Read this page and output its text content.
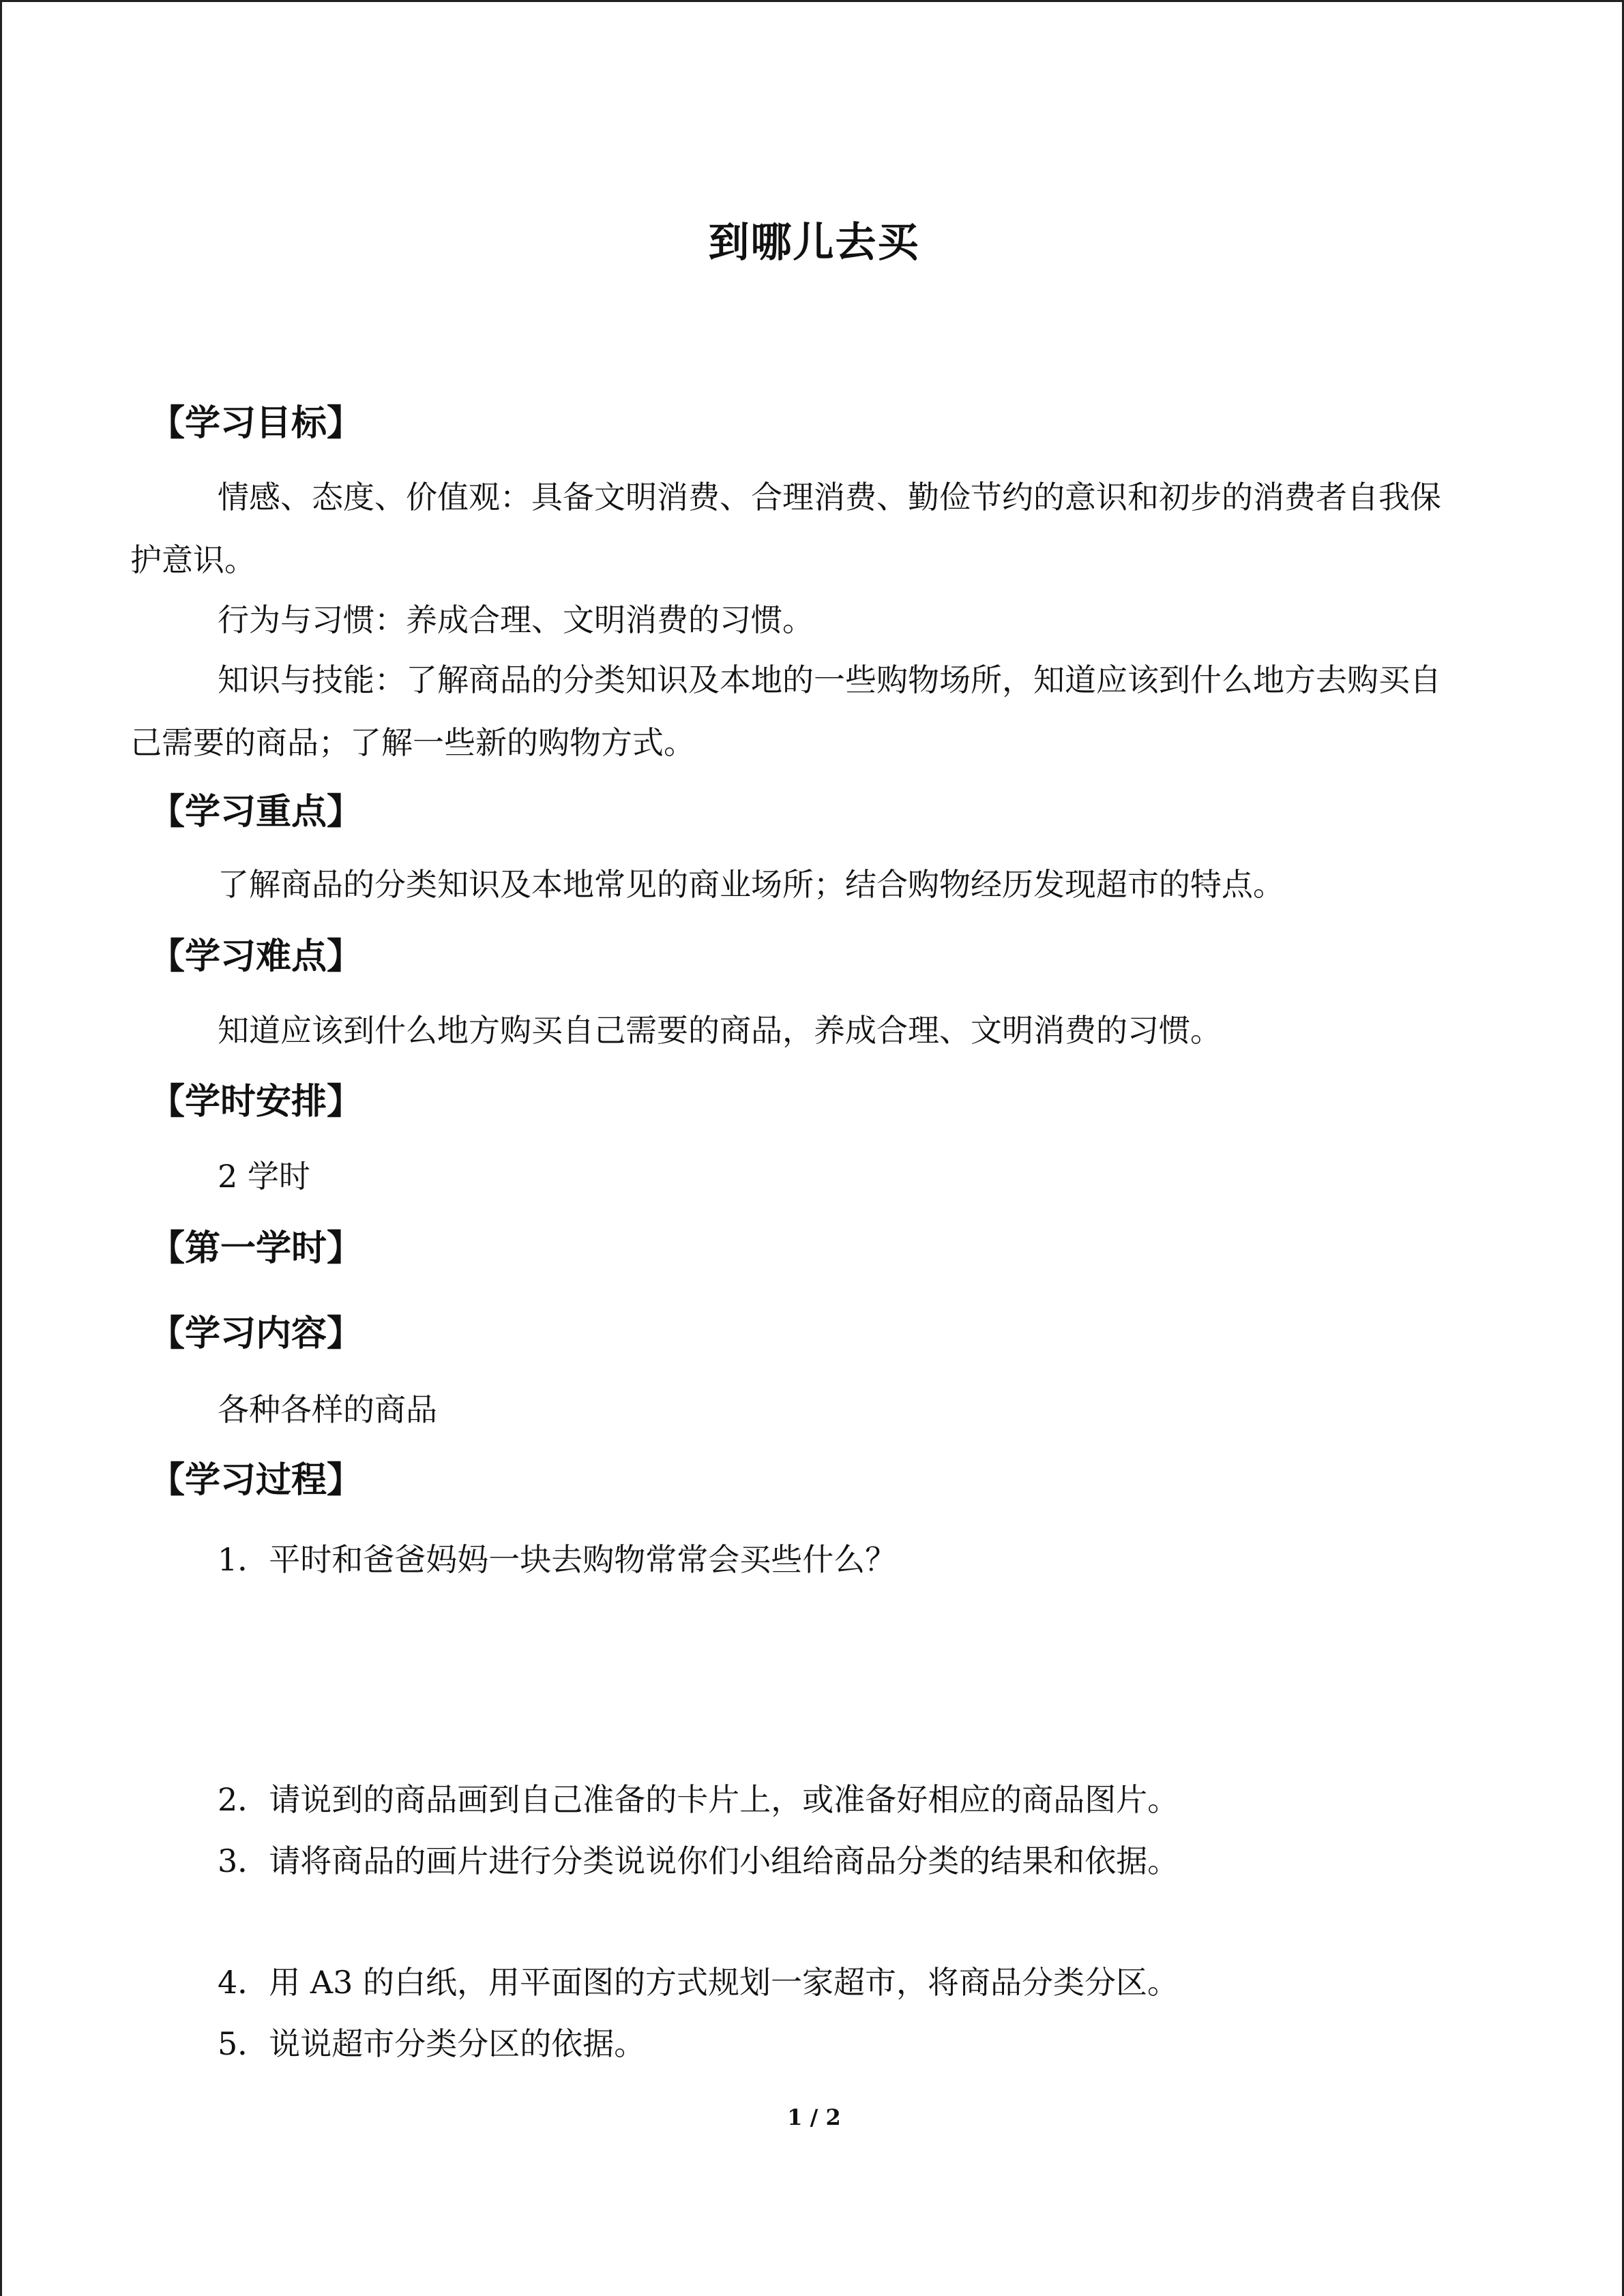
到哪儿去买
【学习目标】

情感、态度、价值观：具备文明消费、合理消费、勤俭节约的意识和初步的消费者自我保护意识。

行为与习惯：养成合理、文明消费的习惯。

知识与技能：了解商品的分类知识及本地的一些购物场所，知道应该到什么地方去购买自己需要的商品；了解一些新的购物方式。

【学习重点】

了解商品的分类知识及本地常见的商业场所；结合购物经历发现超市的特点。

【学习难点】

知道应该到什么地方购买自己需要的商品，养成合理、文明消费的习惯。

【学时安排】

2 学时

【第一学时】
【学习内容】

各种各样的商品

【学习过程】
1．平时和爸爸妈妈一块去购物常常会买些什么？
2．请说到的商品画到自己准备的卡片上，或准备好相应的商品图片。
3．请将商品的画片进行分类说说你们小组给商品分类的结果和依据。
4．用 A3 的白纸，用平面图的方式规划一家超市，将商品分类分区。
5．说说超市分类分区的依据。
1 / 2
